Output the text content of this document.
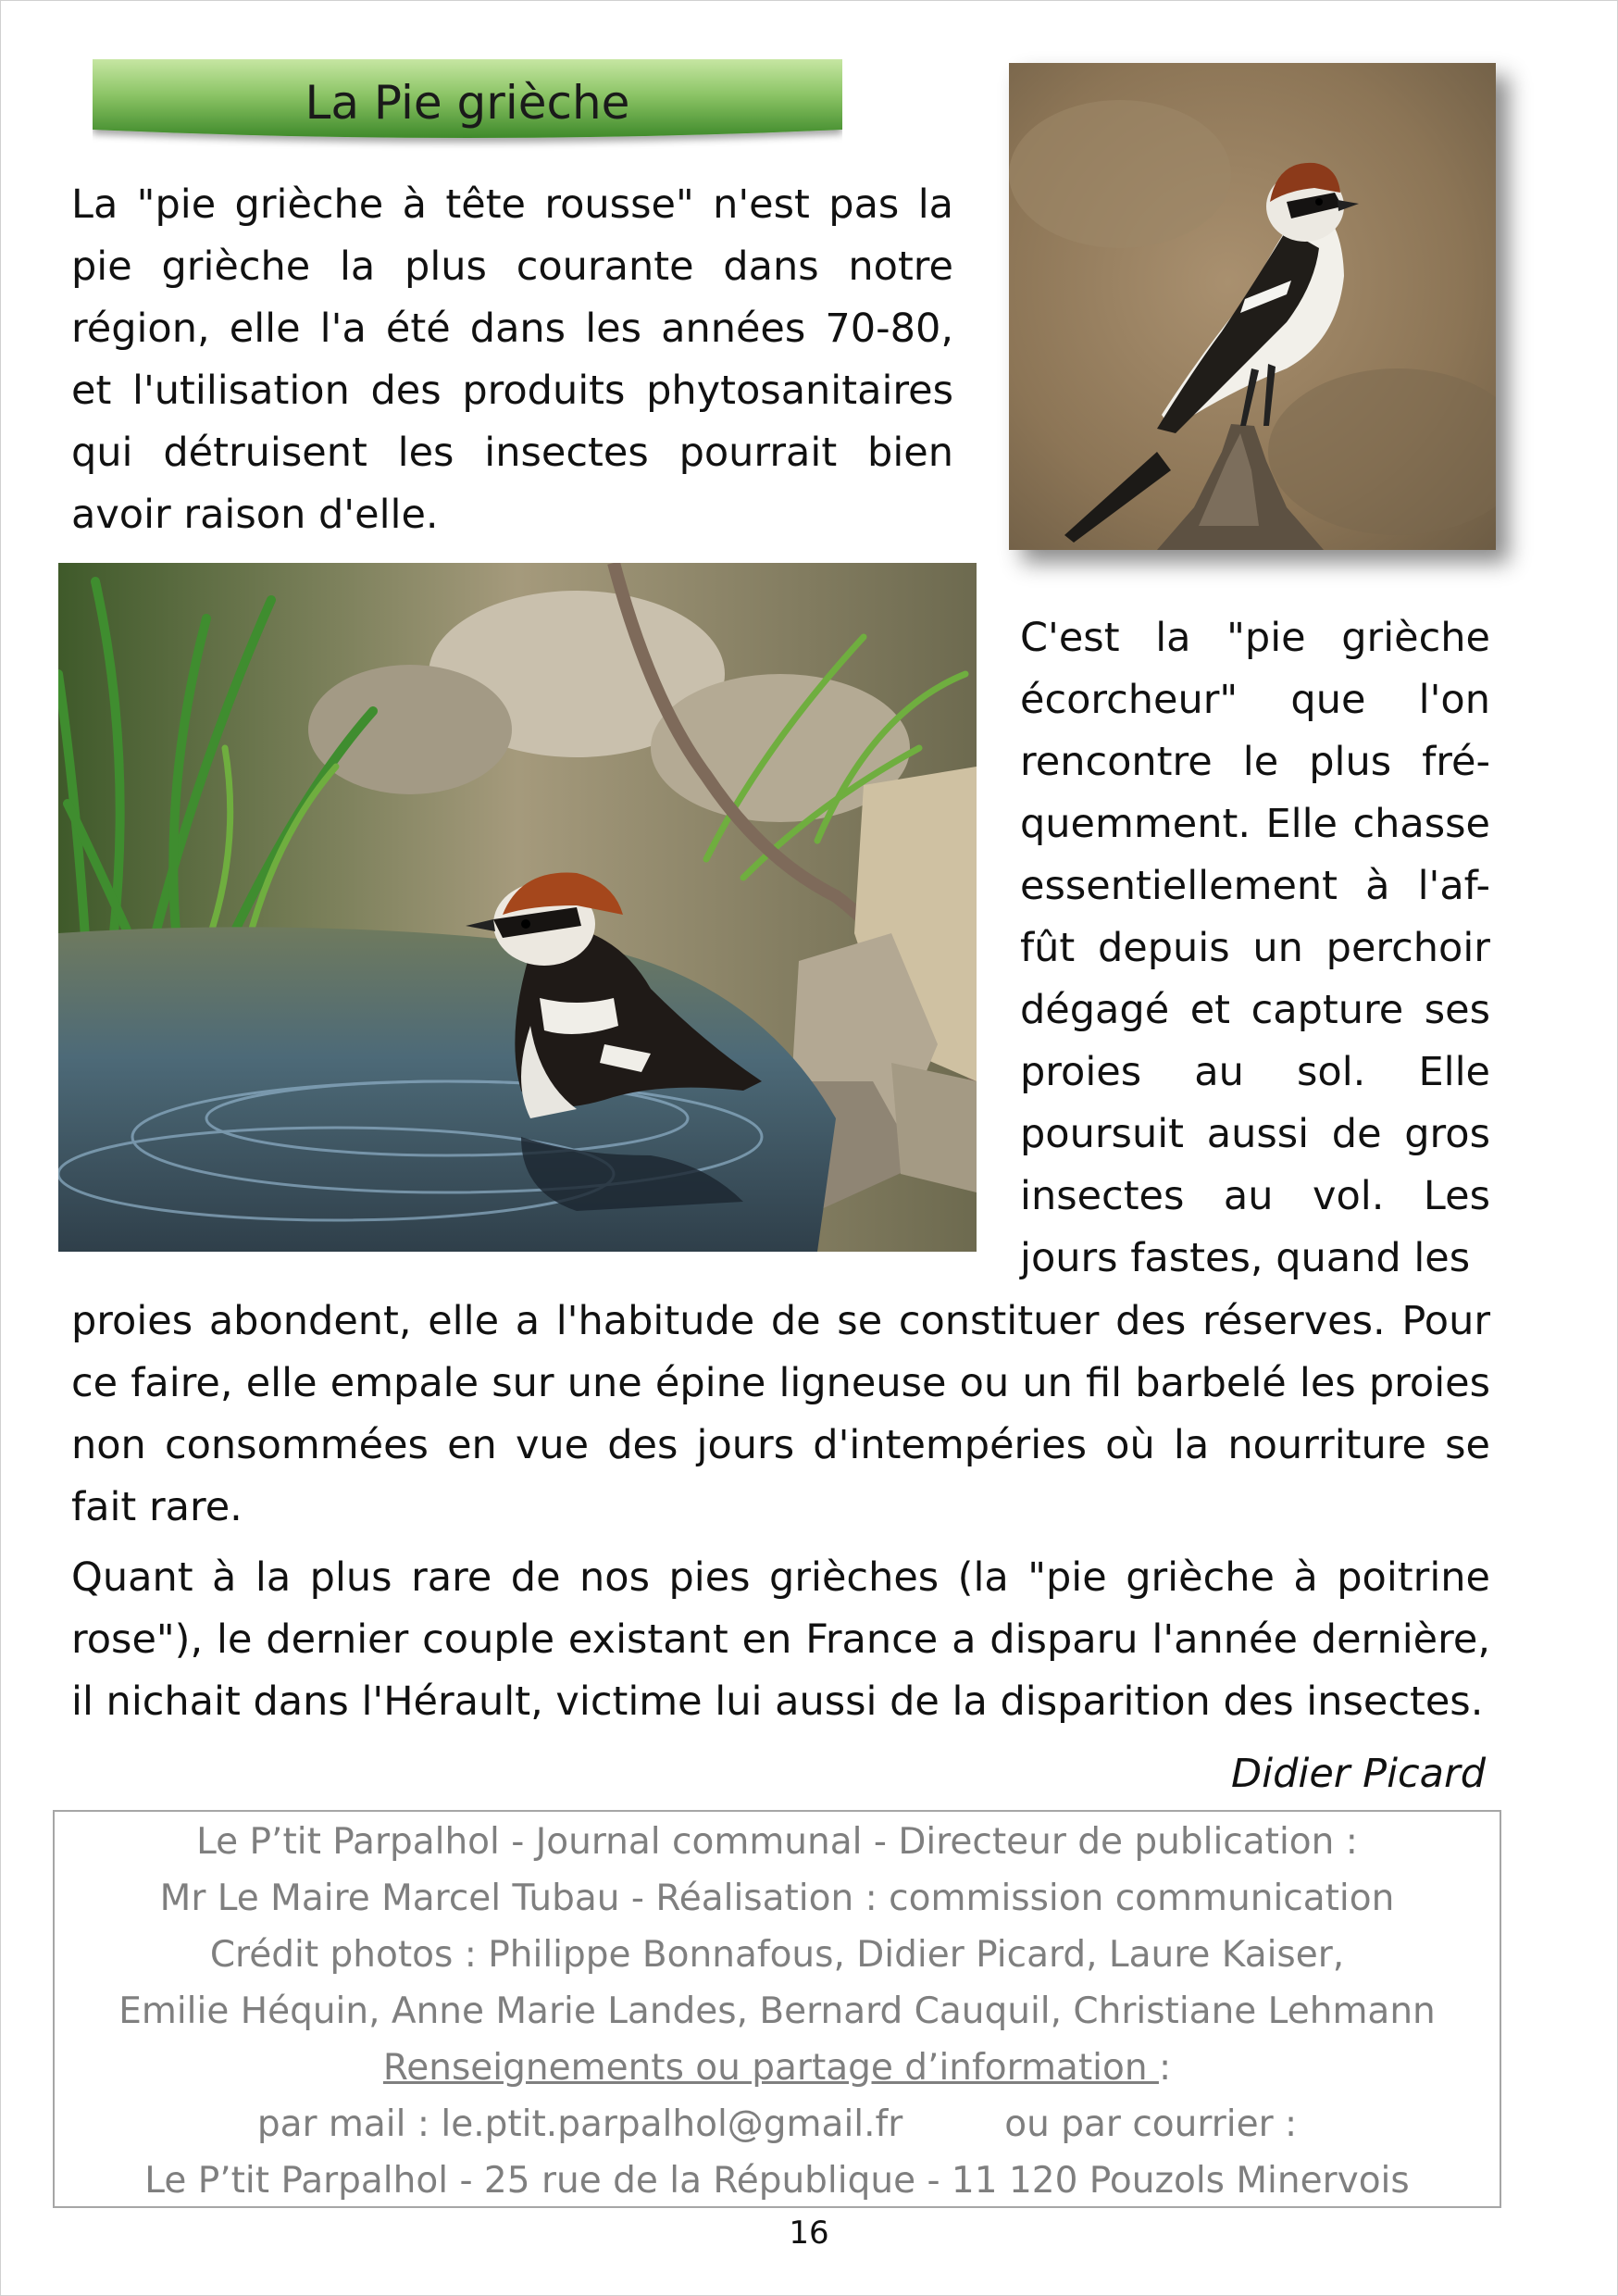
La Pie grièche

La "pie grièche à tête rousse" n'est pas la pie grièche la plus courante dans notre région, elle l'a été dans les années 70-80, et l'utilisation des produits phytosanitaires qui détruisent les insectes pourrait bien avoir raison d'elle.

C'est la "pie grièche écorcheur" que l'on rencontre le plus fré-quemment. Elle chasse essentiellement à l'af-fût depuis un perchoir dégagé et capture ses proies au sol. Elle poursuit aussi de gros insectes au vol. Les jours fastes, quand les

proies abondent, elle a l'habitude de se constituer des réserves. Pour ce faire, elle empale sur une épine ligneuse ou un fil barbelé les proies non consommées en vue des jours d'intempéries où la nourriture se fait rare.

Quant à la plus rare de nos pies grièches (la "pie grièche à poitrine rose"), le dernier couple existant en France a disparu l'année dernière, il nichait dans l'Hérault, victime lui aussi de la disparition des insectes.

Didier Picard
Le P’tit Parpalhol - Journal communal - Directeur de publication :
Mr Le Maire Marcel Tubau - Réalisation : commission communication
Crédit photos : Philippe Bonnafous, Didier Picard, Laure Kaiser,
Emilie Héquin, Anne Marie Landes, Bernard Cauquil, Christiane Lehmann
Renseignements ou partage d’information :
par mail : le.ptit.parpalhol@gmail.fr	ou par courrier :
Le P’tit Parpalhol - 25 rue de la République - 11 120 Pouzols Minervois
16
